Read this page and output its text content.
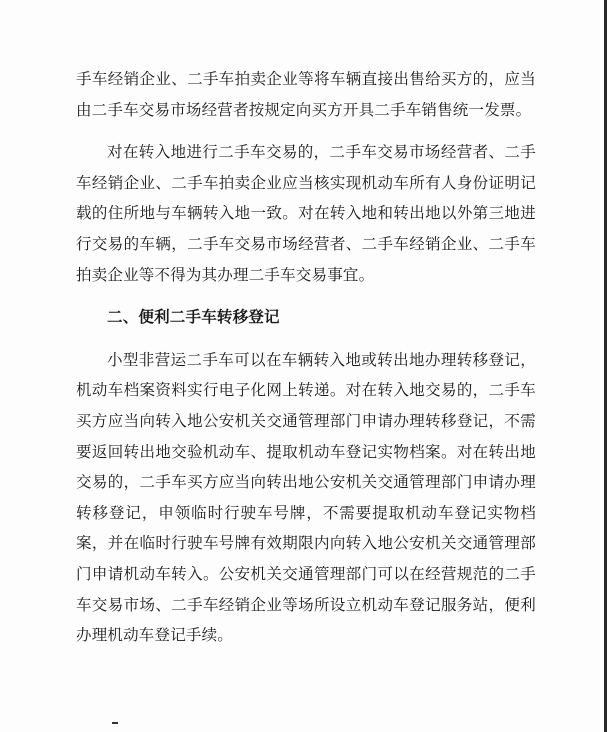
手车经销企业、二手车拍卖企业等将车辆直接出售给买方的，应当由二手车交易市场经营者按规定向买方开具二手车销售统一发票。

对在转入地进行二手车交易的，二手车交易市场经营者、二手车经销企业、二手车拍卖企业应当核实现机动车所有人身份证明记载的住所地与车辆转入地一致。对在转入地和转出地以外第三地进行交易的车辆，二手车交易市场经营者、二手车经销企业、二手车拍卖企业等不得为其办理二手车交易事宜。

二、便利二手车转移登记

小型非营运二手车可以在车辆转入地或转出地办理转移登记，机动车档案资料实行电子化网上转递。对在转入地交易的，二手车买方应当向转入地公安机关交通管理部门申请办理转移登记，不需要返回转出地交验机动车、提取机动车登记实物档案。对在转出地交易的，二手车买方应当向转出地公安机关交通管理部门申请办理转移登记，申领临时行驶车号牌，不需要提取机动车登记实物档案，并在临时行驶车号牌有效期限内向转入地公安机关交通管理部门申请机动车转入。公安机关交通管理部门可以在经营规范的二手车交易市场、二手车经销企业等场所设立机动车登记服务站，便利办理机动车登记手续。
